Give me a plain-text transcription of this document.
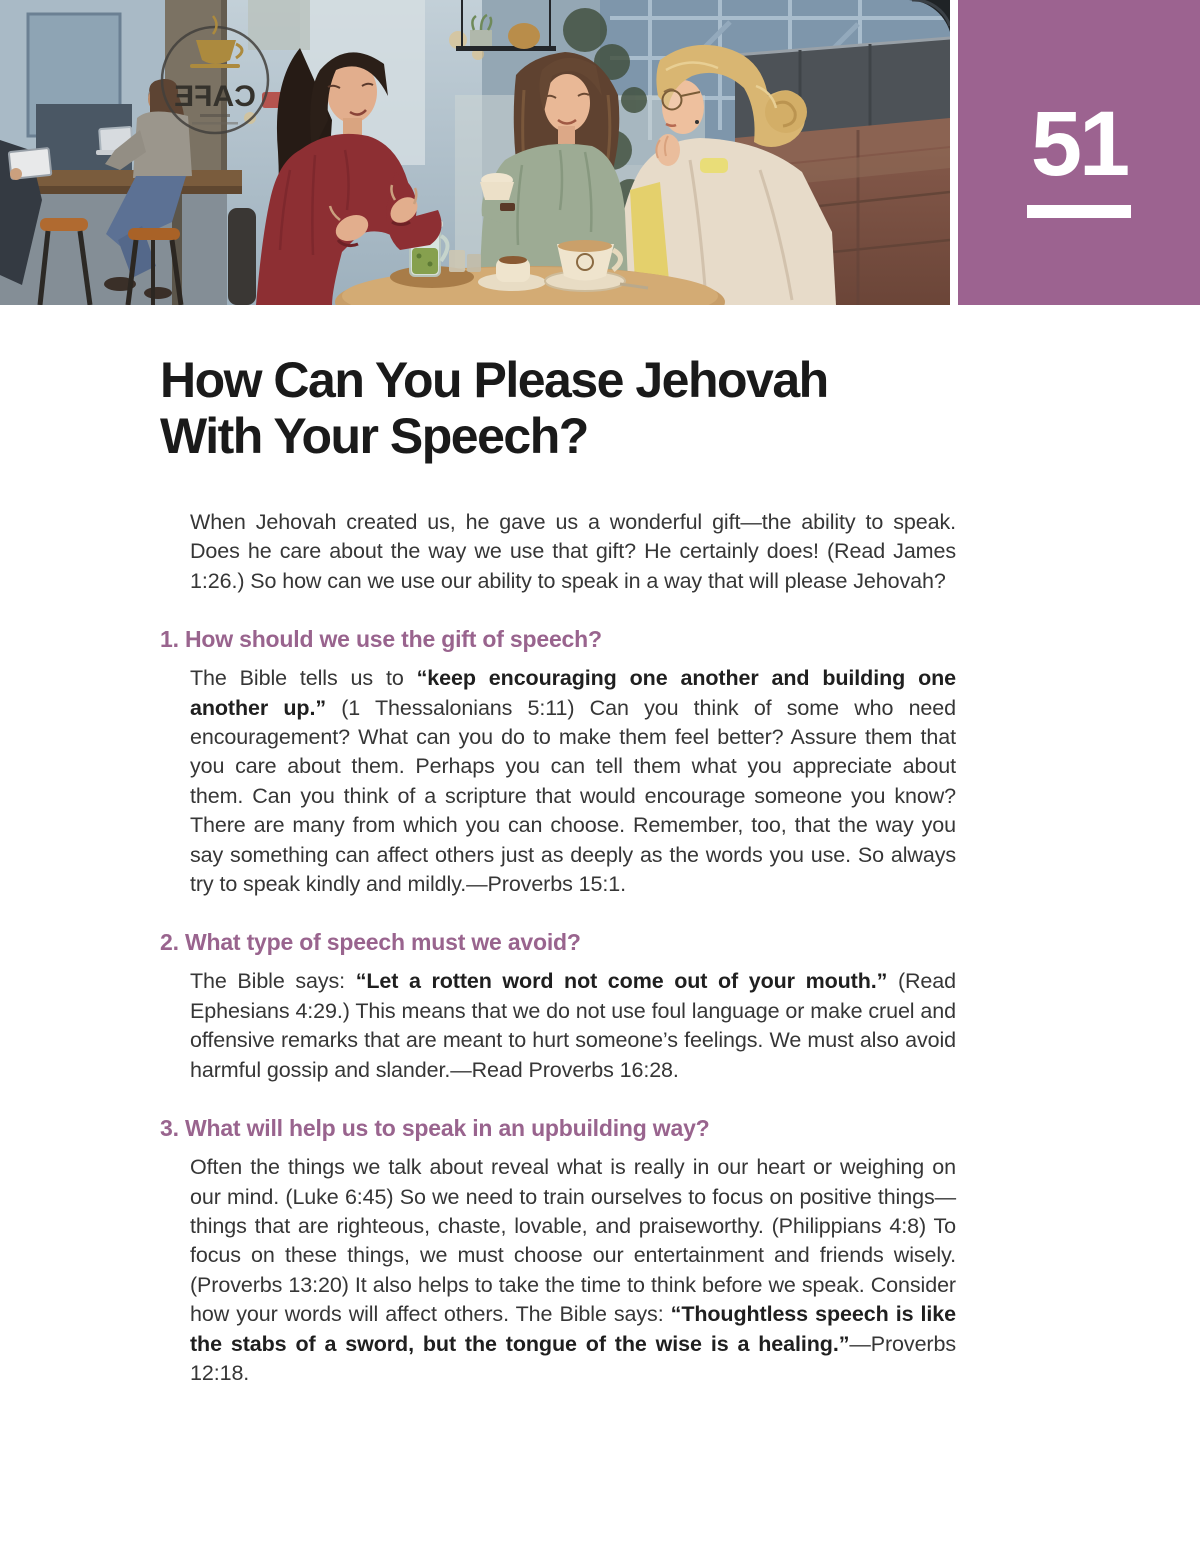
CAFE	51
How Can You Please Jehovah
With Your Speech?

When Jehovah created us, he gave us a wonderful gift—the ability to speak. Does he care about the way we use that gift? He certainly does! (Read James 1:26.) So how can we use our ability to speak in a way that will please Jehovah?

1. How should we use the gift of speech?

The Bible tells us to “keep encouraging one another and building one another up.” (1 Thessalonians 5:11) Can you think of some who need encouragement? What can you do to make them feel better? Assure them that you care about them. Perhaps you can tell them what you appreciate about them. Can you think of a scripture that would encourage someone you know? There are many from which you can choose. Remember, too, that the way you say something can affect others just as deeply as the words you use. So always try to speak kindly and mildly.—Proverbs 15:1.

2. What type of speech must we avoid?

The Bible says: “Let a rotten word not come out of your mouth.” (Read Ephesians 4:29.) This means that we do not use foul language or make cruel and offensive remarks that are meant to hurt someone’s feelings. We must also avoid harmful gossip and slander.—Read Proverbs 16:28.

3. What will help us to speak in an upbuilding way?

Often the things we talk about reveal what is really in our heart or weighing on our mind. (Luke 6:45) So we need to train ourselves to focus on positive things—things that are righteous, chaste, lovable, and praiseworthy. (Philippians 4:8) To focus on these things, we must choose our entertainment and friends wisely. (Proverbs 13:20) It also helps to take the time to think before we speak. Consider how your words will affect others. The Bible says: “Thoughtless speech is like the stabs of a sword, but the tongue of the wise is a healing.”—Proverbs 12:18.
